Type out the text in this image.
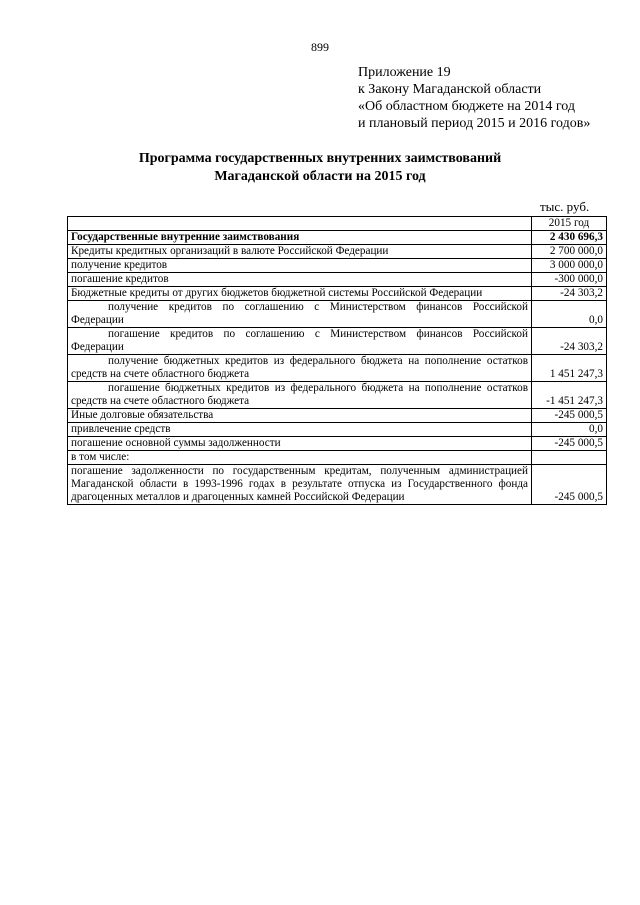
899
Приложение 19
к Закону Магаданской области
«Об областном бюджете на 2014 год
и плановый период 2015 и 2016 годов»
Программа государственных внутренних заимствований
Магаданской области на 2015 год
тыс. руб.
	2015 год
Государственные внутренние заимствования	2 430 696,3
Кредиты кредитных организаций в валюте Российской Федерации	2 700 000,0
получение кредитов	3 000 000,0
погашение кредитов	-300 000,0
Бюджетные кредиты от других бюджетов бюджетной системы Российской Федерации	-24 303,2
получение кредитов по соглашению с Министерством финансов Российской Федерации	0,0
погашение кредитов по соглашению с Министерством финансов Российской Федерации	-24 303,2
получение бюджетных кредитов из федерального бюджета на пополнение остатков средств на счете областного бюджета	1 451 247,3
погашение бюджетных кредитов из федерального бюджета на пополнение остатков средств на счете областного бюджета	-1 451 247,3
Иные долговые обязательства	-245 000,5
привлечение средств	0,0
погашение основной суммы задолженности	-245 000,5
в том числе:	
погашение задолженности по государственным кредитам, полученным администрацией Магаданской области в 1993-1996 годах в результате отпуска из Государственного фонда драгоценных металлов и драгоценных камней Российской Федерации	-245 000,5
